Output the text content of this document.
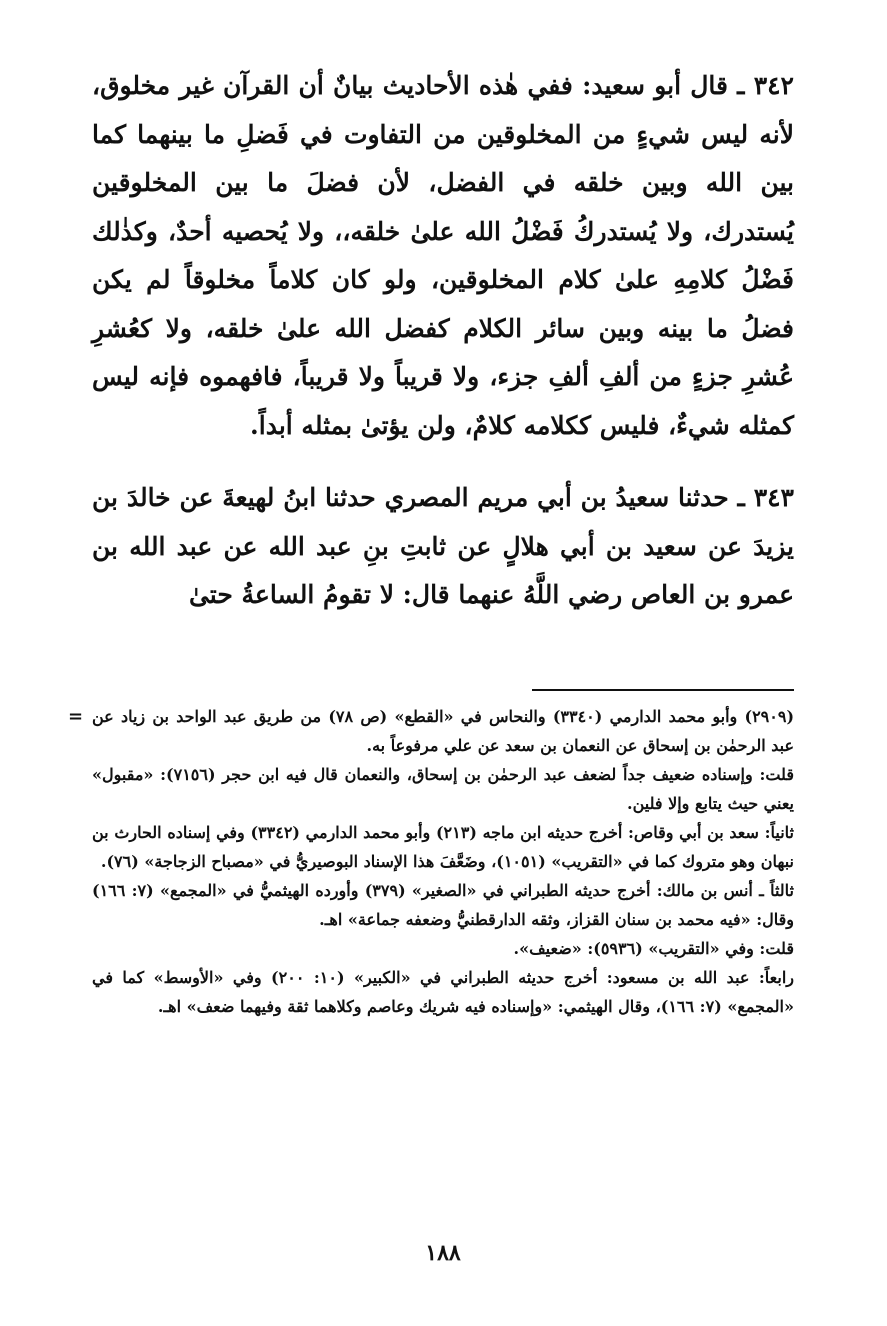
٣٤٢ ـ قال أبو سعيد: ففي هٰذه الأحاديث بيانٌ أن القرآن غير مخلوق، لأنه ليس شيءٍ من المخلوقين من التفاوت في فَضلِ ما بينهما كما بين الله وبين خلقه في الفضل، لأن فضلَ ما بين المخلوقين يُستدرك، ولا يُستدركُ فَضْلُ الله علىٰ خلقه،، ولا يُحصيه أحدٌ، وكذٰلك فَضْلُ كلامِهِ علىٰ كلام المخلوقين، ولو كان كلاماً مخلوقاً لم يكن فضلُ ما بينه وبين سائر الكلام كفضل الله علىٰ خلقه، ولا كعُشرِ عُشرِ جزءٍ من ألفِ ألفِ جزء، ولا قريباً ولا قريباً، فافهموه فإنه ليس كمثله شيءٌ، فليس ككلامه كلامٌ، ولن يؤتىٰ بمثله أبداً.

٣٤٣ ـ حدثنا سعيدُ بن أبي مريم المصري حدثنا ابنُ لهيعةَ عن خالدَ بن يزيدَ عن سعيد بن أبي هلالٍ عن ثابتِ بنِ عبد الله عن عبد الله بن عمرو بن العاص رضي اللَّهُ عنهما قال: لا تقومُ الساعةُ حتىٰ

= (٢٩٠٩) وأبو محمد الدارمي (٣٣٤٠) والنحاس في «القطع» (ص ٧٨) من طريق عبد الواحد بن زياد عن عبد الرحمٰن بن إسحاق عن النعمان بن سعد عن علي مرفوعاً به.

قلت: وإسناده ضعيف جداً لضعف عبد الرحمٰن بن إسحاق، والنعمان قال فيه ابن حجر (٧١٥٦): «مقبول» يعني حيث يتابع وإلا فلين.

ثانياً: سعد بن أبي وقاص: أخرج حديثه ابن ماجه (٢١٣) وأبو محمد الدارمي (٣٣٤٢) وفي إسناده الحارث بن نبهان وهو متروك كما في «التقريب» (١٠٥١)، وضَعَّفَ هذا الإسناد البوصيريُّ في «مصباح الزجاجة» (٧٦).

ثالثاً ـ أنس بن مالك: أخرج حديثه الطبراني في «الصغير» (٣٧٩) وأورده الهيثميُّ في «المجمع» (٧: ١٦٦) وقال: «فيه محمد بن سنان القزاز، وثقه الدارقطنيُّ وضعفه جماعة» اهـ.

قلت: وفي «التقريب» (٥٩٣٦): «ضعيف».

رابعاً: عبد الله بن مسعود: أخرج حديثه الطبراني في «الكبير» (١٠: ٢٠٠) وفي «الأوسط» كما في «المجمع» (٧: ١٦٦)، وقال الهيثمي: «وإسناده فيه شريك وعاصم وكلاهما ثقة وفيهما ضعف» اهـ.

١٨٨
